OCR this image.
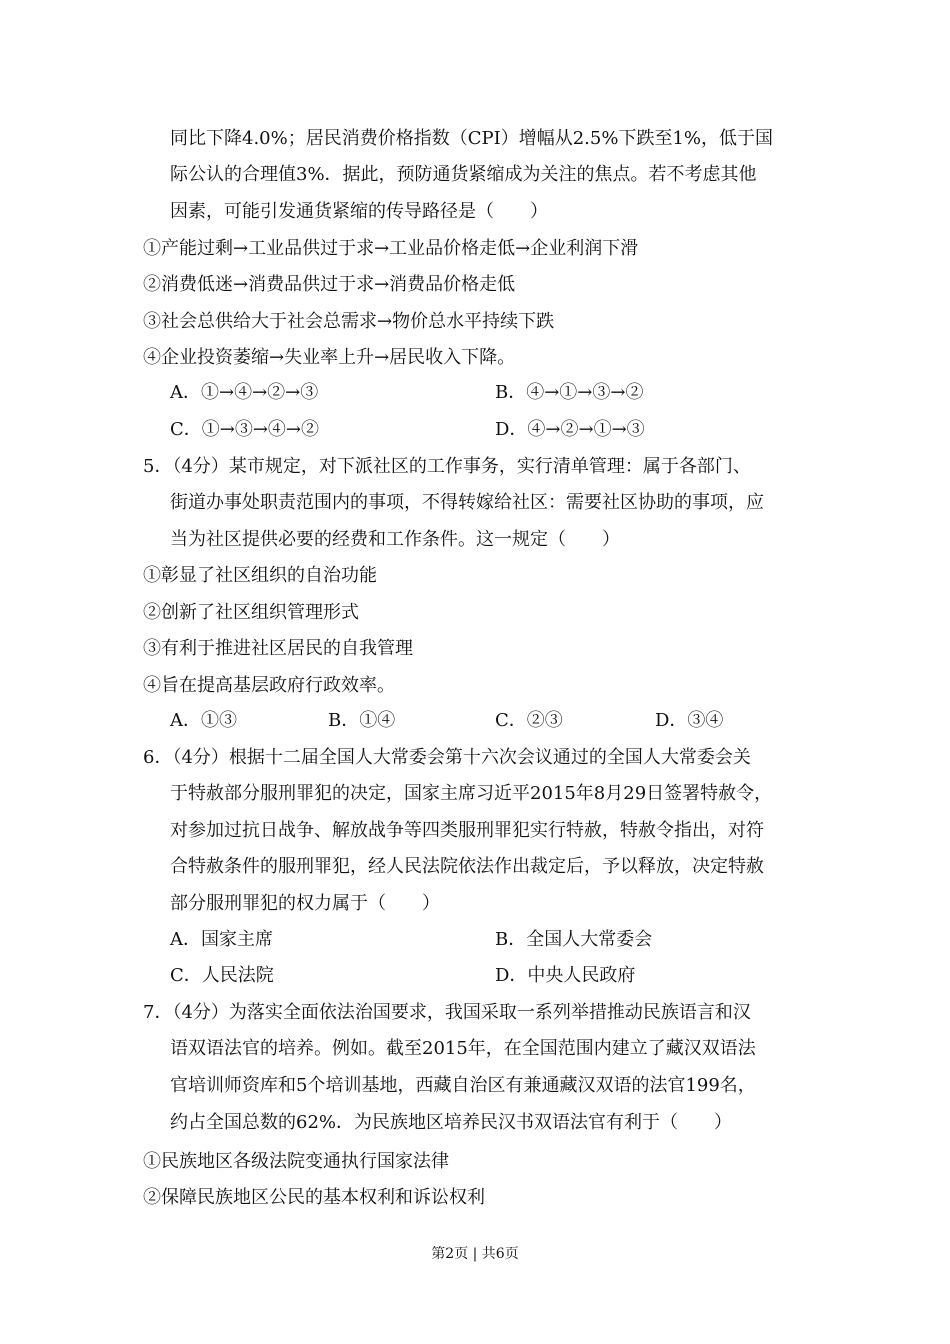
同比下降4.0%；居民消费价格指数（CPI）增幅从2.5%下跌至1%，低于国
际公认的合理值3%．据此，预防通货紧缩成为关注的焦点。若不考虑其他
因素，可能引发通货紧缩的传导路径是（　　）
①产能过剩→工业品供过于求→工业品价格走低→企业利润下滑
②消费低迷→消费品供过于求→消费品价格走低
③社会总供给大于社会总需求→物价总水平持续下跌
④企业投资萎缩→失业率上升→居民收入下降。
A．①→④→②→③	B．④→①→③→②
C．①→③→④→②	D．④→②→①→③
5．（4分）某市规定，对下派社区的工作事务，实行清单管理：属于各部门、
街道办事处职责范围内的事项，不得转嫁给社区：需要社区协助的事项，应
当为社区提供必要的经费和工作条件。这一规定（　　）
①彰显了社区组织的自治功能
②创新了社区组织管理形式
③有利于推进社区居民的自我管理
④旨在提高基层政府行政效率。
A．①③	B．①④	C．②③	D．③④
6．（4分）根据十二届全国人大常委会第十六次会议通过的全国人大常委会关
于特赦部分服刑罪犯的决定，国家主席习近平2015年8月29日签署特赦令，
对参加过抗日战争、解放战争等四类服刑罪犯实行特赦，特赦令指出，对符
合特赦条件的服刑罪犯，经人民法院依法作出裁定后，予以释放，决定特赦
部分服刑罪犯的权力属于（　　）
A．国家主席	B．全国人大常委会
C．人民法院	D．中央人民政府
7．（4分）为落实全面依法治国要求，我国采取一系列举措推动民族语言和汉
语双语法官的培养。例如。截至2015年，在全国范围内建立了藏汉双语法
官培训师资库和5个培训基地，西藏自治区有兼通藏汉双语的法官199名，
约占全国总数的62%．为民族地区培养民汉书双语法官有利于（　　）
①民族地区各级法院变通执行国家法律
②保障民族地区公民的基本权利和诉讼权利
第2页 | 共6页
